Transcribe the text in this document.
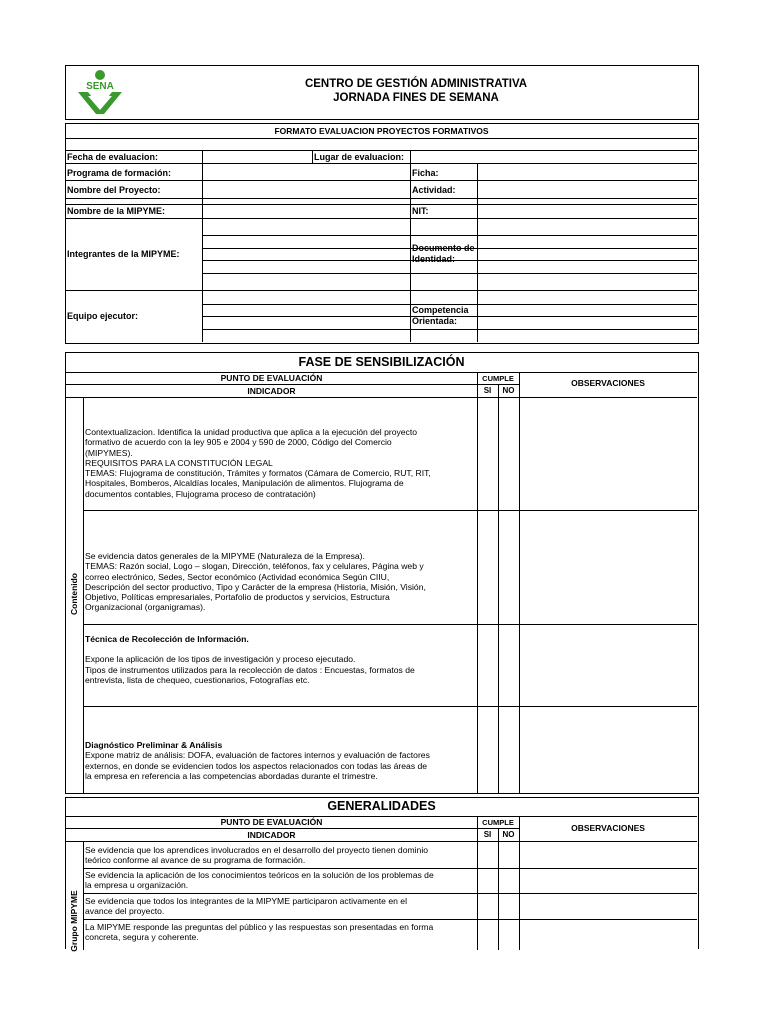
SENA	CENTRO DE GESTIÓN ADMINISTRATIVA
JORNADA FINES DE SEMANA
FORMATO EVALUACION PROYECTOS FORMATIVOS
Fecha de evaluacion:	Lugar de evaluacion:
Programa de formación:	Ficha:
Nombre del Proyecto:	Actividad:
Nombre de la MIPYME:	NIT:
Integrantes de la MIPYME:
Documento de
Identidad:
Equipo ejecutor:
Competencia
Orientada:
FASE DE SENSIBILIZACIÓN
PUNTO DE EVALUACIÓN
INDICADOR
CUMPLE
SI	NO
OBSERVACIONES
Contenido
Contextualizacion. Identifica la unidad productiva que aplica a la ejecución del proyecto
formativo de acuerdo con la ley 905 e 2004 y 590 de 2000, Código del Comercio
(MIPYMES).
REQUISITOS PARA LA CONSTITUCIÓN LEGAL
TEMAS: Flujograma de constitución, Trámites y formatos (Cámara de Comercio, RUT, RIT,
Hospitales, Bomberos, Alcaldías locales, Manipulación de alimentos. Flujograma de
documentos contables, Flujograma proceso de contratación)
Se evidencia datos generales de la MIPYME (Naturaleza de la Empresa).
TEMAS: Razón social, Logo – slogan, Dirección, teléfonos, fax y celulares, Página web y
correo electrónico, Sedes, Sector económico (Actividad económica Según CIIU,
Descripción del sector productivo, Tipo y Carácter de la empresa (Historia, Misión, Visión,
Objetivo, Políticas empresariales, Portafolio de productos y servicios, Estructura
Organizacional (organigramas).
Técnica de Recolección de Información.
Expone la aplicación de los tipos de investigación y proceso ejecutado.
Tipos de instrumentos utilizados para la recolección de datos : Encuestas, formatos de
entrevista, lista de chequeo, cuestionarios, Fotografías etc.
Diagnóstico Preliminar & Análisis
Expone matriz de análisis: DOFA, evaluación de factores internos y evaluación de factores
externos, en donde se evidencien todos los aspectos relacionados con todas las áreas de
la empresa en referencia a las competencias abordadas durante el trimestre.
GENERALIDADES
PUNTO DE EVALUACIÓN
INDICADOR
CUMPLE
SI	NO
OBSERVACIONES
Grupo MIPYME
Se evidencia que los aprendices involucrados en el desarrollo del proyecto tienen dominio
teórico conforme al avance de su programa de formación.
Se evidencia la aplicación de los conocimientos teóricos en la solución de los problemas de
la empresa u organización.
Se evidencia que todos los integrantes de la MIPYME participaron activamente en el
avance del proyecto.
La MIPYME responde las preguntas del público y las respuestas son presentadas en forma
concreta, segura y coherente.
